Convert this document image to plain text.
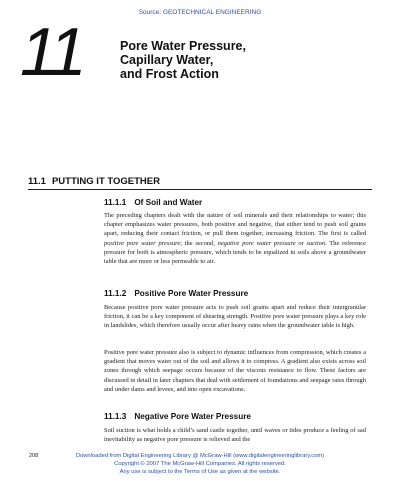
Source: GEOTECHNICAL ENGINEERING
11	Pore Water Pressure,
Capillary Water,
and Frost Action
11.1 PUTTING IT TOGETHER
11.1.1 Of Soil and Water
The preceding chapters dealt with the nature of soil minerals and their relationships to water; this chapter emphasizes water pressures, both positive and negative, that either tend to push soil grains apart, reducing their contact friction, or pull them together, increasing friction. The first is called positive pore water pressure; the second, negative pore water pressure or suction. The reference pressure for both is atmospheric pressure, which tends to be equalized in soils above a groundwater table that are more or less permeable to air.
11.1.2 Positive Pore Water Pressure
Because positive pore water pressure acts to push soil grains apart and reduce their intergranular friction, it can be a key component of shearing strength. Positive pore water pressure plays a key role in landslides, which therefore usually occur after heavy rains when the groundwater table is high.
Positive pore water pressure also is subject to dynamic influences from compression, which creates a gradient that moves water out of the soil and allows it to compress. A gradient also exists across soil zones through which seepage occurs because of the viscous resistance to flow. These factors are discussed in detail in later chapters that deal with settlement of foundations and seepage rates through and under dams and levees, and into open excavations.
11.1.3 Negative Pore Water Pressure
Soil suction is what holds a child’s sand castle together, until waves or tides produce a feeling of sad inevitability as negative pore pressure is relieved and the
208	Downloaded from Digital Engineering Library @ McGraw-Hill (www.digitalengineeringlibrary.com)
Copyright © 2007 The McGraw-Hill Companies. All rights reserved.
Any use is subject to the Terms of Use as given at the website.
